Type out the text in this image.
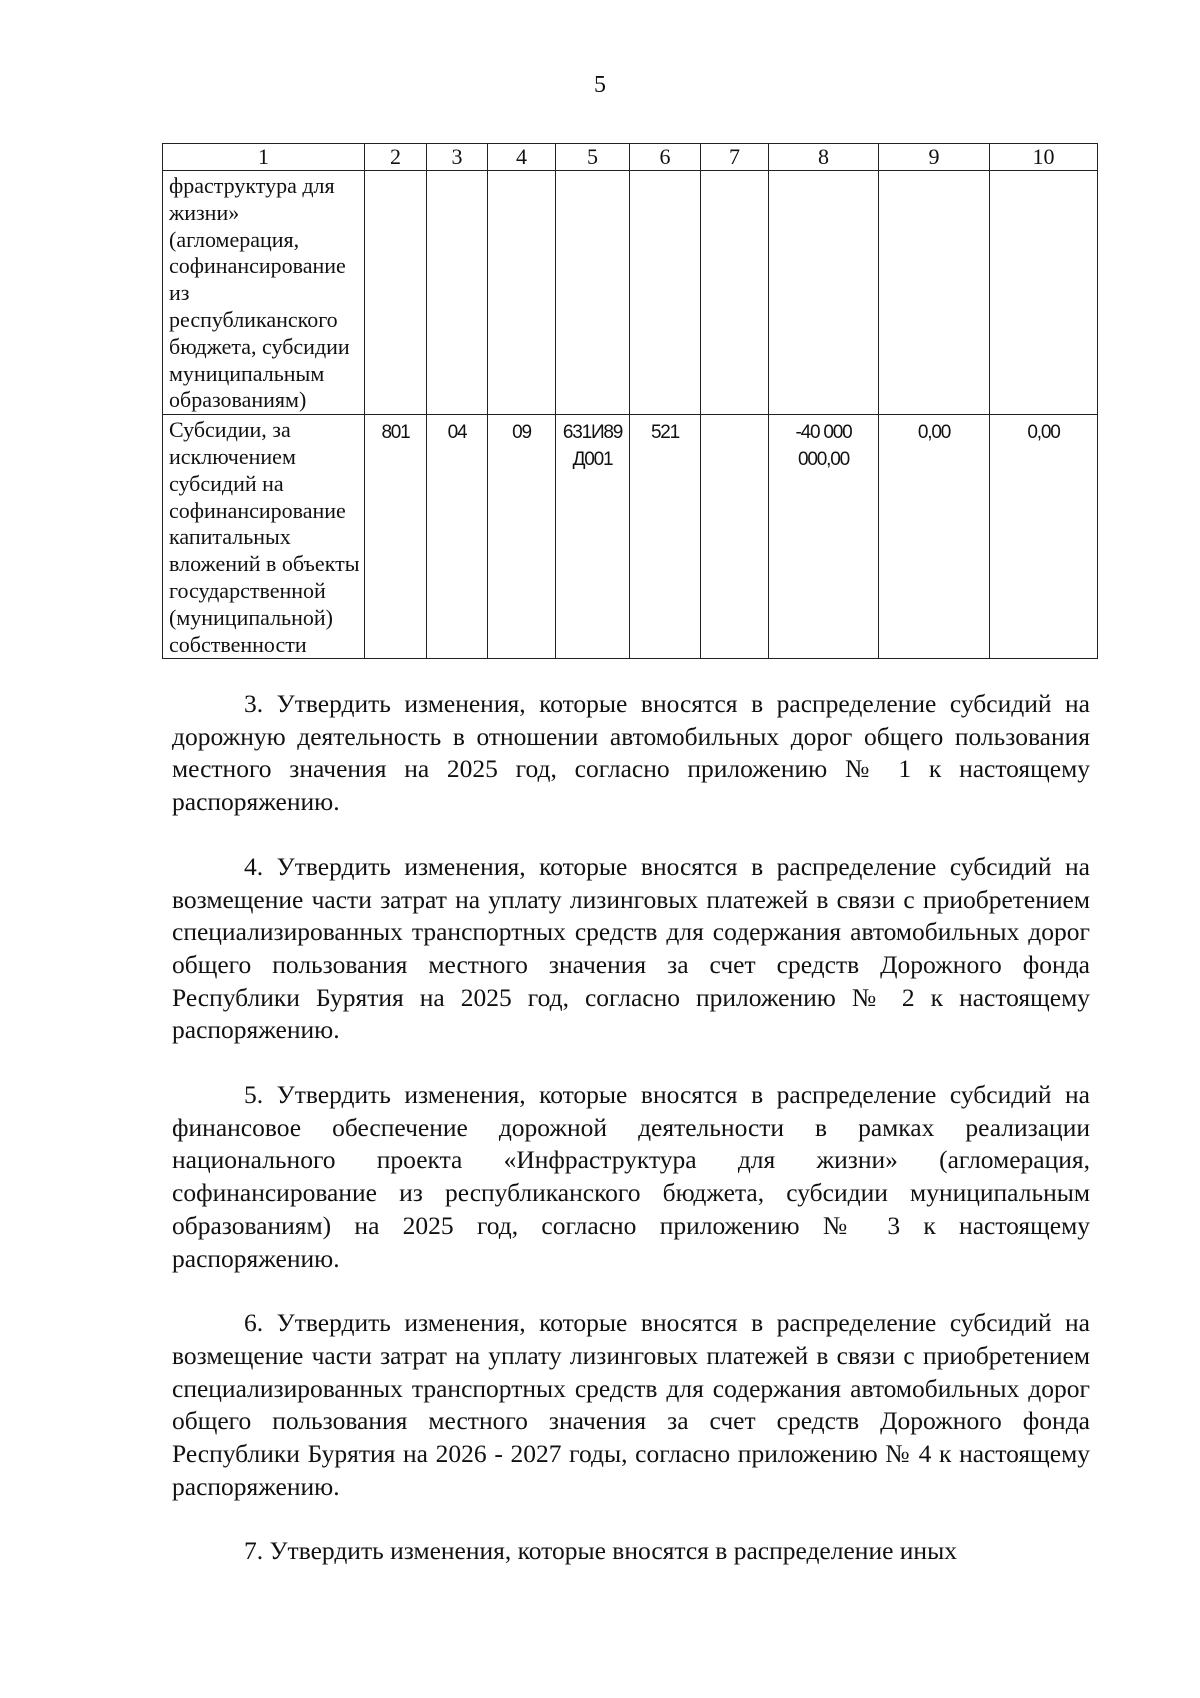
5
1	2	3	4	5	6	7	8	9	10
фраструктура для жизни» (агломерация, софинансирование из республиканского бюджета, субсидии муниципальным образованиям)									
Субсидии, за исключением субсидий на софинансирование капитальных вложений в объекты государственной (муниципальной) собственности	801	04	09	631И89 Д001	521		-40 000 000,00	0,00	0,00

3. Утвердить изменения, которые вносятся в распределение субсидий на дорожную деятельность в отношении автомобильных дорог общего пользования местного значения на 2025 год, согласно приложению № 1 к настоящему распоряжению.

4. Утвердить изменения, которые вносятся в распределение субсидий на возмещение части затрат на уплату лизинговых платежей в связи с приобретением специализированных транспортных средств для содержания автомобильных дорог общего пользования местного значения за счет средств Дорожного фонда Республики Бурятия на 2025 год, согласно приложению № 2 к настоящему распоряжению.

5. Утвердить изменения, которые вносятся в распределение субсидий на финансовое обеспечение дорожной деятельности в рамках реализации национального проекта «Инфраструктура для жизни» (агломерация, софинансирование из республиканского бюджета, субсидии муниципальным образованиям) на 2025 год, согласно приложению № 3 к настоящему распоряжению.

6. Утвердить изменения, которые вносятся в распределение субсидий на возмещение части затрат на уплату лизинговых платежей в связи с приобретением специализированных транспортных средств для содержания автомобильных дорог общего пользования местного значения за счет средств Дорожного фонда Республики Бурятия на 2026 - 2027 годы, согласно приложению № 4 к настоящему распоряжению.

7. Утвердить изменения, которые вносятся в распределение иных
